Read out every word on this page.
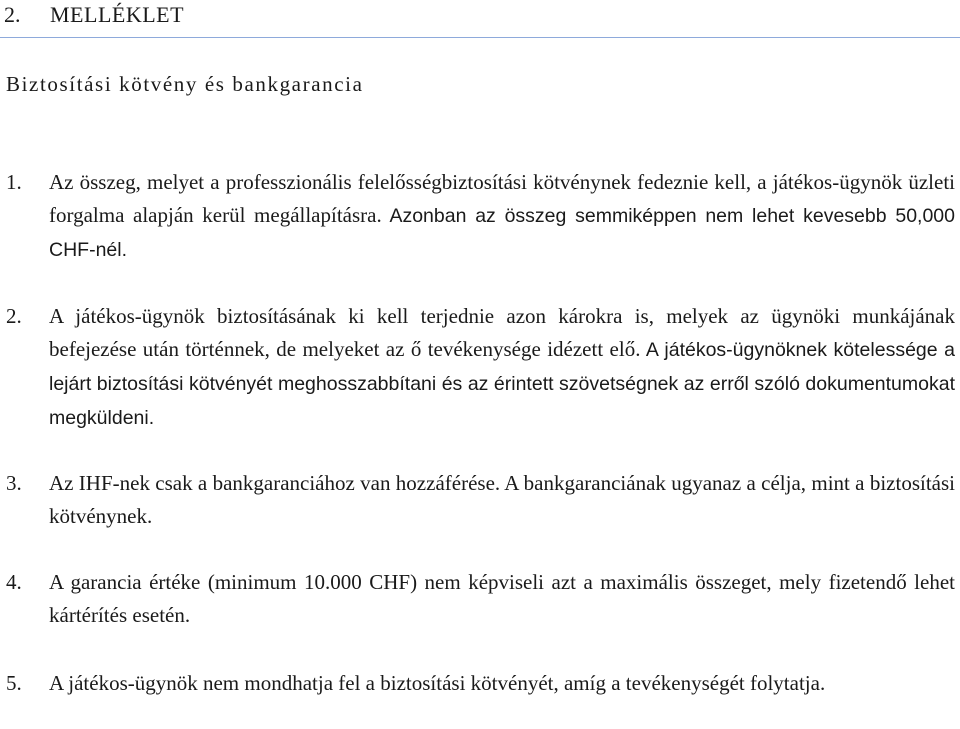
2. MELLÉKLET
Biztosítási kötvény és bankgarancia
1. Az összeg, melyet a professzionális felelősségbiztosítási kötvénynek fedeznie kell, a játékos-ügynök üzleti forgalma alapján kerül megállapításra. Azonban az összeg semmiképpen nem lehet kevesebb 50,000 CHF-nél.
2. A játékos-ügynök biztosításának ki kell terjednie azon károkra is, melyek az ügynöki munkájának befejezése után történnek, de melyeket az ő tevékenysége idézett elő. A játékos-ügynöknek kötelessége a lejárt biztosítási kötvényét meghosszabbítani és az érintett szövetségnek az erről szóló dokumentumokat megküldeni.
3. Az IHF-nek csak a bankgaranciához van hozzáférése. A bankgaranciának ugyanaz a célja, mint a biztosítási kötvénynek.
4. A garancia értéke (minimum 10.000 CHF) nem képviseli azt a maximális összeget, mely fizetendő lehet kártérítés esetén.
5. A játékos-ügynök nem mondhatja fel a biztosítási kötvényét, amíg a tevékenységét folytatja.
